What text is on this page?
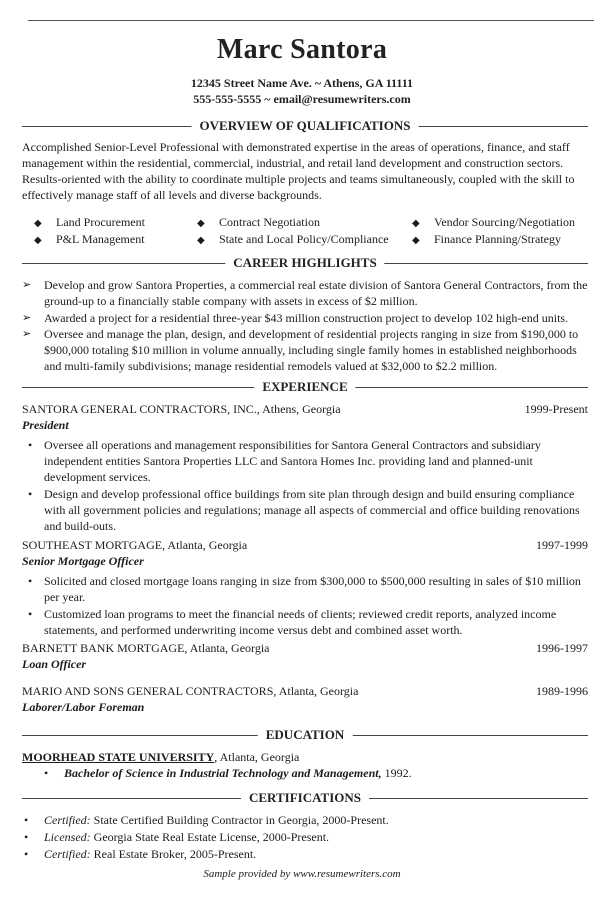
Marc Santora
12345 Street Name Ave. ~ Athens, GA 11111
555-555-5555 ~ email@resumewriters.com
OVERVIEW OF QUALIFICATIONS
Accomplished Senior-Level Professional with demonstrated expertise in the areas of operations, finance, and staff management within the residential, commercial, industrial, and retail land development and construction sectors. Results-oriented with the ability to coordinate multiple projects and teams simultaneously, coupled with the skill to effectively manage staff of all levels and diverse backgrounds.
◆ Land Procurement	◆ Contract Negotiation	◆ Vendor Sourcing/Negotiation
◆ P&L Management	◆ State and Local Policy/Compliance ◆ Finance Planning/Strategy
CAREER HIGHLIGHTS
➢ Develop and grow Santora Properties, a commercial real estate division of Santora General Contractors, from the ground-up to a financially stable company with assets in excess of $2 million.
➢ Awarded a project for a residential three-year $43 million construction project to develop 102 high-end units.
➢ Oversee and manage the plan, design, and development of residential projects ranging in size from $190,000 to $900,000 totaling $10 million in volume annually, including single family homes in established neighborhoods and multi-family subdivisions; manage residential remodels valued at $32,000 to $2.2 million.
EXPERIENCE
SANTORA GENERAL CONTRACTORS, INC., Athens, Georgia	1999-Present
President
• Oversee all operations and management responsibilities for Santora General Contractors and subsidiary independent entities Santora Properties LLC and Santora Homes Inc. providing land and planned-unit development services.
• Design and develop professional office buildings from site plan through design and build ensuring compliance with all government policies and regulations; manage all aspects of commercial and office building renovations and build-outs.
SOUTHEAST MORTGAGE, Atlanta, Georgia	1997-1999
Senior Mortgage Officer
• Solicited and closed mortgage loans ranging in size from $300,000 to $500,000 resulting in sales of $10 million per year.
• Customized loan programs to meet the financial needs of clients; reviewed credit reports, analyzed income statements, and performed underwriting income versus debt and combined asset worth.
BARNETT BANK MORTGAGE, Atlanta, Georgia	1996-1997
Loan Officer
MARIO AND SONS GENERAL CONTRACTORS, Atlanta, Georgia	1989-1996
Laborer/Labor Foreman
EDUCATION
MOORHEAD STATE UNIVERSITY, Atlanta, Georgia
• Bachelor of Science in Industrial Technology and Management, 1992.
CERTIFICATIONS
• Certified: State Certified Building Contractor in Georgia, 2000-Present.
• Licensed: Georgia State Real Estate License, 2000-Present.
• Certified: Real Estate Broker, 2005-Present.
Sample provided by www.resumewriters.com
